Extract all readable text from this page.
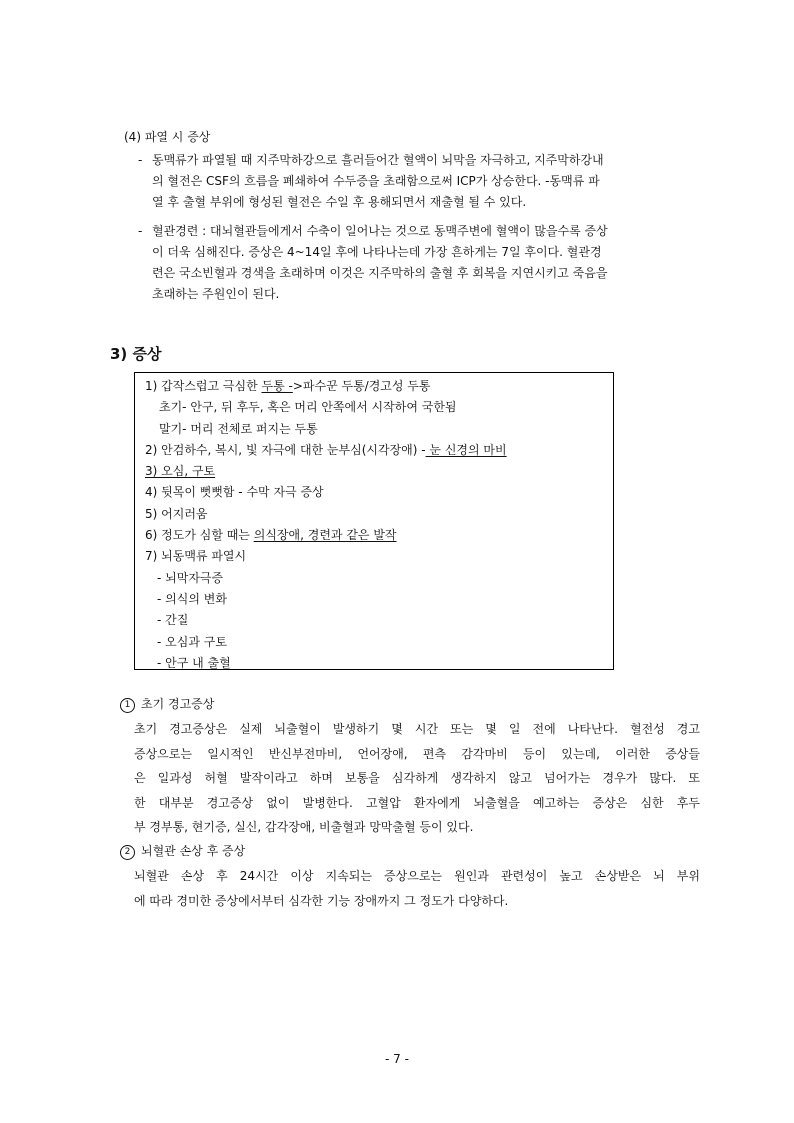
(4) 파열 시 증상
- 동맥류가 파열될 때 지주막하강으로 흘러들어간 혈액이 뇌막을 자극하고, 지주막하강내
의 혈전은 CSF의 흐름을 폐쇄하여 수두증을 초래함으로써 ICP가 상승한다. -동맥류 파
열 후 출혈 부위에 형성된 혈전은 수일 후 용해되면서 재출혈 될 수 있다.
- 혈관경련 : 대뇌혈관들에게서 수축이 일어나는 것으로 동맥주변에 혈액이 많을수록 증상
이 더욱 심해진다. 증상은 4~14일 후에 나타나는데 가장 흔하게는 7일 후이다. 혈관경
련은 국소빈혈과 경색을 초래하며 이것은 지주막하의 출혈 후 회복을 지연시키고 죽음을
초래하는 주원인이 된다.
3) 증상
1) 갑작스럽고 극심한 두통 ->파수꾼 두통/경고성 두통
초기- 안구, 뒤 후두, 혹은 머리 안쪽에서 시작하여 국한됨
말기- 머리 전체로 퍼지는 두통
2) 안검하수, 복시, 빛 자극에 대한 눈부심(시각장애) - 눈 신경의 마비
3) 오심, 구토
4) 뒷목이 뻣뻣함 - 수막 자극 증상
5) 어지러움
6) 정도가 심할 때는 의식장애, 경련과 같은 발작
7) 뇌동맥류 파열시
- 뇌막자극증
- 의식의 변화
- 간질
- 오심과 구토
- 안구 내 출혈
1 초기 경고증상
초기 경고증상은 실제 뇌출혈이 발생하기 몇 시간 또는 몇 일 전에 나타난다. 혈전성 경고
증상으로는 일시적인 반신부전마비, 언어장애, 편측 감각마비 등이 있는데, 이러한 증상들
은 일과성 허혈 발작이라고 하며 보통을 심각하게 생각하지 않고 넘어가는 경우가 많다. 또
한 대부분 경고증상 없이 발병한다. 고혈압 환자에게 뇌출혈을 예고하는 증상은 심한 후두
부 경부통, 현기증, 실신, 감각장애, 비출혈과 망막출혈 등이 있다.
2 뇌혈관 손상 후 증상
뇌혈관 손상 후 24시간 이상 지속되는 증상으로는 원인과 관련성이 높고 손상받은 뇌 부위
에 따라 경미한 증상에서부터 심각한 기능 장애까지 그 정도가 다양하다.
- 7 -
